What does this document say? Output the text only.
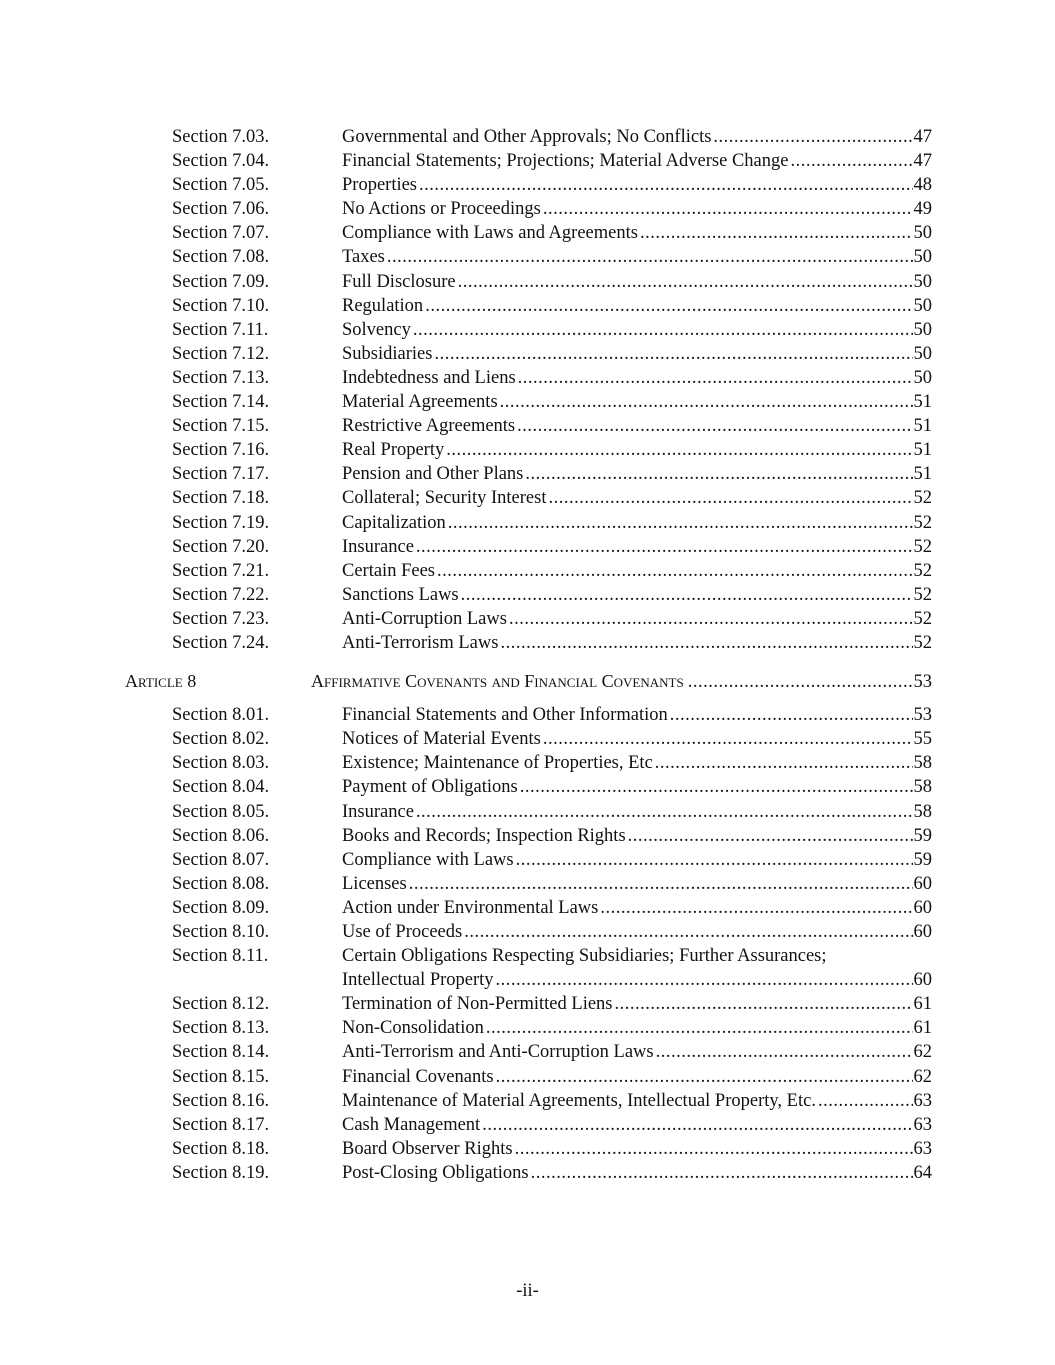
Section 7.03.	Governmental and Other Approvals; No Conflicts .....	47
Section 7.04.	Financial Statements; Projections; Material Adverse Change .....	47
Section 7.05.	Properties .....	48
Section 7.06.	No Actions or Proceedings .....	49
Section 7.07.	Compliance with Laws and Agreements .....	50
Section 7.08.	Taxes .....	50
Section 7.09.	Full Disclosure .....	50
Section 7.10.	Regulation .....	50
Section 7.11.	Solvency .....	50
Section 7.12.	Subsidiaries .....	50
Section 7.13.	Indebtedness and Liens .....	50
Section 7.14.	Material Agreements .....	51
Section 7.15.	Restrictive Agreements .....	51
Section 7.16.	Real Property .....	51
Section 7.17.	Pension and Other Plans .....	51
Section 7.18.	Collateral; Security Interest .....	52
Section 7.19.	Capitalization .....	52
Section 7.20.	Insurance .....	52
Section 7.21.	Certain Fees .....	52
Section 7.22.	Sanctions Laws .....	52
Section 7.23.	Anti-Corruption Laws .....	52
Section 7.24.	Anti-Terrorism Laws .....	52
Article 8	Affirmative Covenants and Financial Covenants .....	53
Section 8.01.	Financial Statements and Other Information .....	53
Section 8.02.	Notices of Material Events .....	55
Section 8.03.	Existence; Maintenance of Properties, Etc .....	58
Section 8.04.	Payment of Obligations .....	58
Section 8.05.	Insurance .....	58
Section 8.06.	Books and Records; Inspection Rights .....	59
Section 8.07.	Compliance with Laws .....	59
Section 8.08.	Licenses .....	60
Section 8.09.	Action under Environmental Laws .....	60
Section 8.10.	Use of Proceeds .....	60
Section 8.11.	Certain Obligations Respecting Subsidiaries; Further Assurances;
Intellectual Property .....	60
Section 8.12.	Termination of Non-Permitted Liens .....	61
Section 8.13.	Non-Consolidation .....	61
Section 8.14.	Anti-Terrorism and Anti-Corruption Laws .....	62
Section 8.15.	Financial Covenants .....	62
Section 8.16.	Maintenance of Material Agreements, Intellectual Property, Etc. .....	63
Section 8.17.	Cash Management .....	63
Section 8.18.	Board Observer Rights .....	63
Section 8.19.	Post-Closing Obligations .....	64
-ii-
